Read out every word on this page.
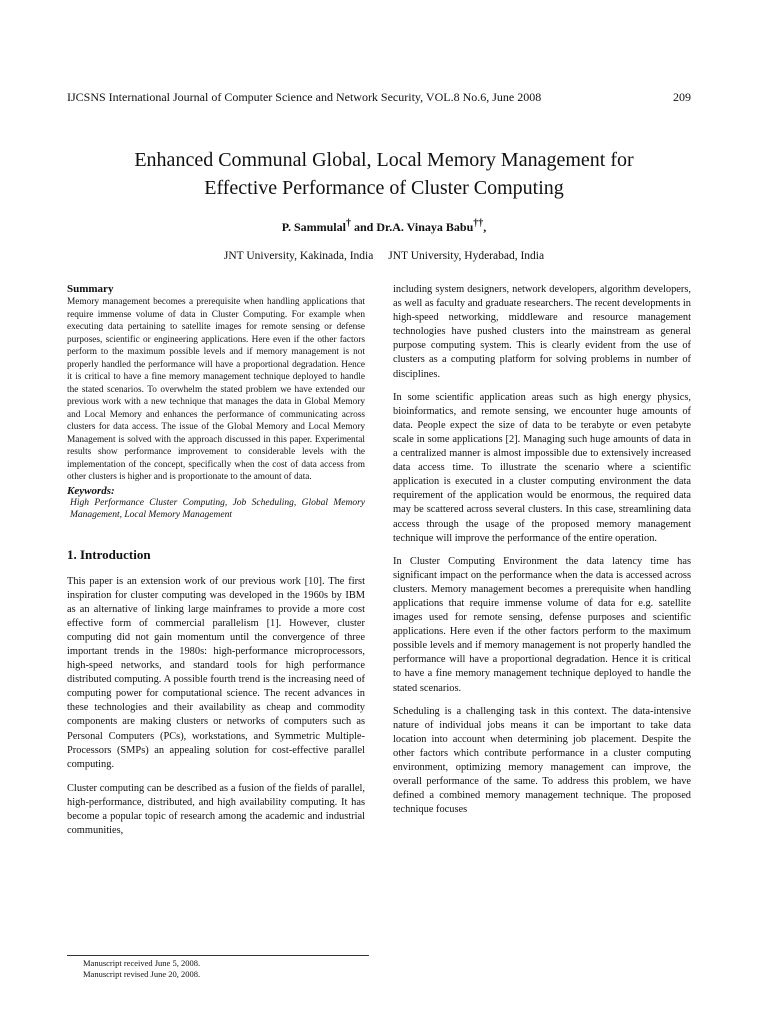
IJCSNS International Journal of Computer Science and Network Security, VOL.8 No.6, June 2008	209
Enhanced Communal Global, Local Memory Management for
Effective Performance of Cluster Computing
P. Sammulal† and Dr.A. Vinaya Babu††,
JNT University, Kakinada, India JNT University, Hyderabad, India
Summary

Memory management becomes a prerequisite when handling applications that require immense volume of data in Cluster Computing. For example when executing data pertaining to satellite images for remote sensing or defense purposes, scientific or engineering applications. Here even if the other factors perform to the maximum possible levels and if memory management is not properly handled the performance will have a proportional degradation. Hence it is critical to have a fine memory management technique deployed to handle the stated scenarios. To overwhelm the stated problem we have extended our previous work with a new technique that manages the data in Global Memory and Local Memory and enhances the performance of communicating across clusters for data access. The issue of the Global Memory and Local Memory Management is solved with the approach discussed in this paper. Experimental results show performance improvement to considerable levels with the implementation of the concept, specifically when the cost of data access from other clusters is higher and is proportionate to the amount of data.

Keywords:

High Performance Cluster Computing, Job Scheduling, Global Memory Management, Local Memory Management

1. Introduction

This paper is an extension work of our previous work [10]. The first inspiration for cluster computing was developed in the 1960s by IBM as an alternative of linking large mainframes to provide a more cost effective form of commercial parallelism [1]. However, cluster computing did not gain momentum until the convergence of three important trends in the 1980s: high-performance microprocessors, high-speed networks, and standard tools for high performance distributed computing. A possible fourth trend is the increasing need of computing power for computational science. The recent advances in these technologies and their availability as cheap and commodity components are making clusters or networks of computers such as Personal Computers (PCs), workstations, and Symmetric Multiple-Processors (SMPs) an appealing solution for cost-effective parallel computing.

Cluster computing can be described as a fusion of the fields of parallel, high-performance, distributed, and high availability computing. It has become a popular topic of research among the academic and industrial communities,

including system designers, network developers, algorithm developers, as well as faculty and graduate researchers. The recent developments in high-speed networking, middleware and resource management technologies have pushed clusters into the mainstream as general purpose computing system. This is clearly evident from the use of clusters as a computing platform for solving problems in number of disciplines.

In some scientific application areas such as high energy physics, bioinformatics, and remote sensing, we encounter huge amounts of data. People expect the size of data to be terabyte or even petabyte scale in some applications [2]. Managing such huge amounts of data in a centralized manner is almost impossible due to extensively increased data access time. To illustrate the scenario where a scientific application is executed in a cluster computing environment the data requirement of the application would be enormous, the required data may be scattered across several clusters. In this case, streamlining data access through the usage of the proposed memory management technique will improve the performance of the entire operation.

In Cluster Computing Environment the data latency time has significant impact on the performance when the data is accessed across clusters. Memory management becomes a prerequisite when handling applications that require immense volume of data for e.g. satellite images used for remote sensing, defense purposes and scientific applications. Here even if the other factors perform to the maximum possible levels and if memory management is not properly handled the performance will have a proportional degradation. Hence it is critical to have a fine memory management technique deployed to handle the stated scenarios.

Scheduling is a challenging task in this context. The data-intensive nature of individual jobs means it can be important to take data location into account when determining job placement. Despite the other factors which contribute performance in a cluster computing environment, optimizing memory management can improve, the overall performance of the same. To address this problem, we have defined a combined memory management technique. The proposed technique focuses

Manuscript received June 5, 2008.
Manuscript revised June 20, 2008.
